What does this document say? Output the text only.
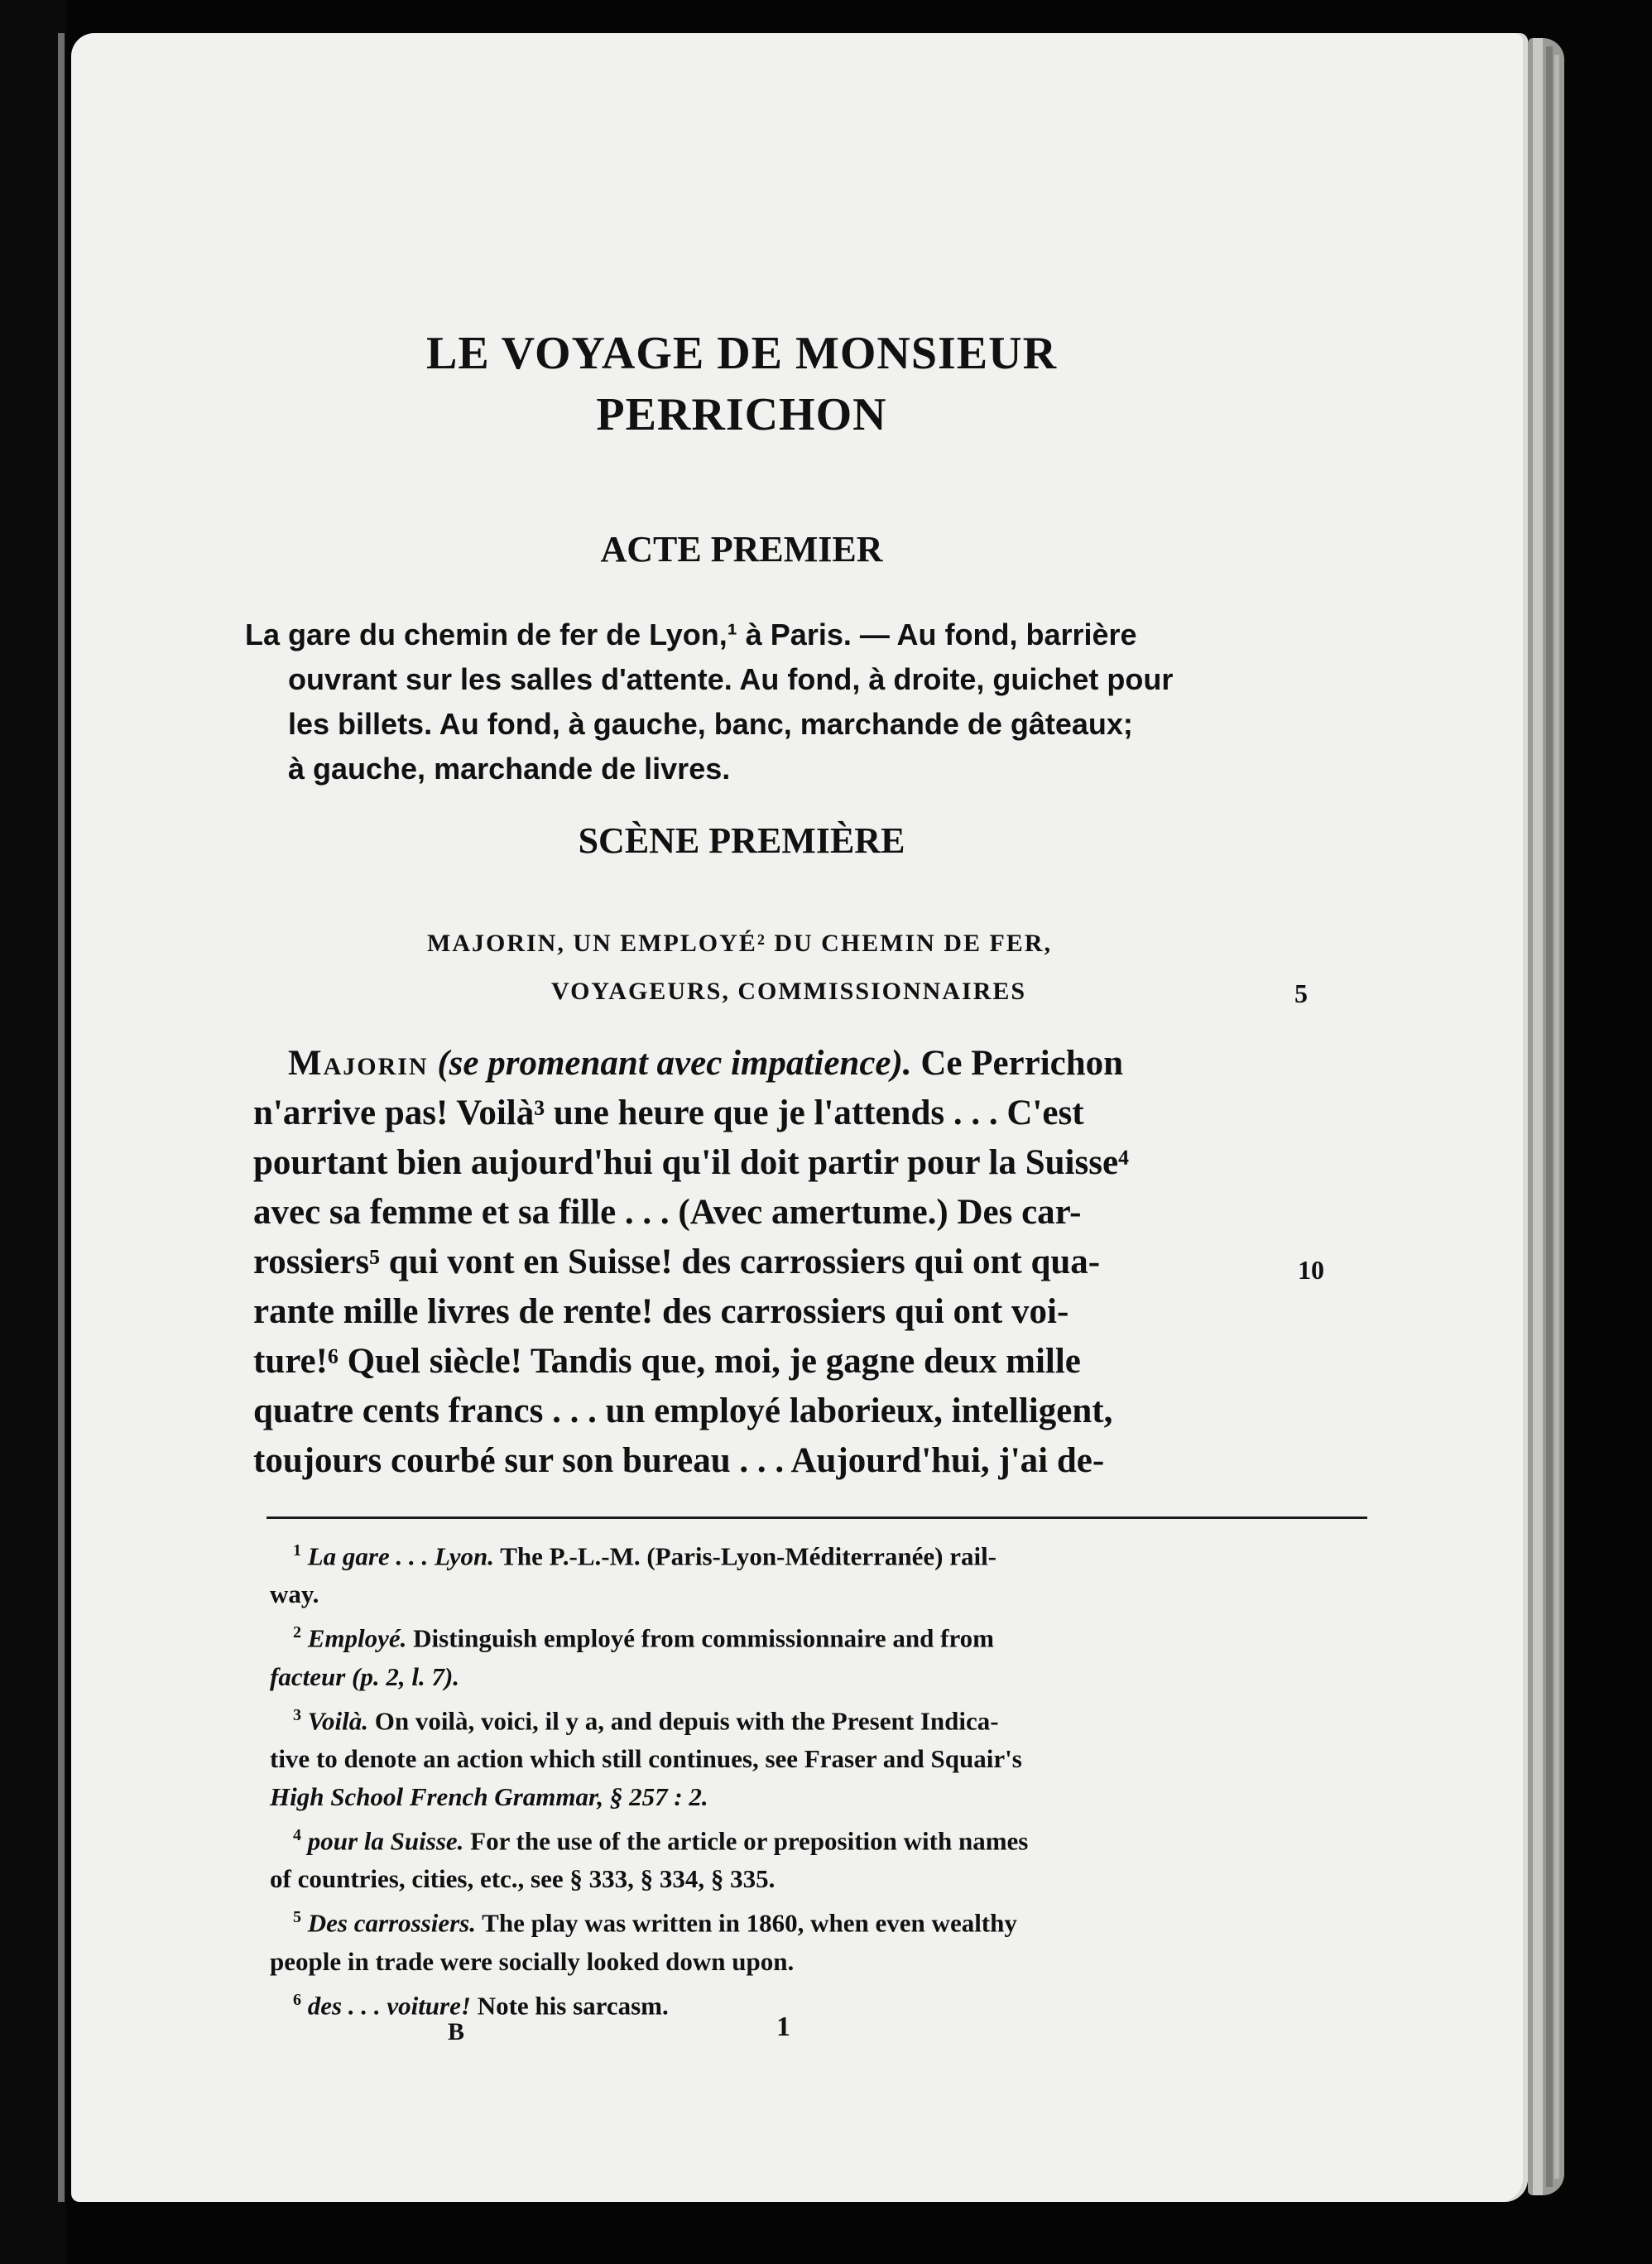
LE VOYAGE DE MONSIEUR
PERRICHON
ACTE PREMIER
La gare du chemin de fer de Lyon,¹ à Paris. — Au fond, barrière
ouvrant sur les salles d'attente. Au fond, à droite, guichet pour
les billets. Au fond, à gauche, banc, marchande de gâteaux;
à gauche, marchande de livres.
SCÈNE PREMIÈRE
MAJORIN, UN EMPLOYÉ² DU CHEMIN DE FER,
VOYAGEURS, COMMISSIONNAIRES	5
10
Majorin (se promenant avec impatience). Ce Perrichon
n'arrive pas! Voilà³ une heure que je l'attends . . . C'est
pourtant bien aujourd'hui qu'il doit partir pour la Suisse⁴
avec sa femme et sa fille . . . (Avec amertume.) Des car-
rossiers⁵ qui vont en Suisse! des carrossiers qui ont qua-
rante mille livres de rente! des carrossiers qui ont voi-
ture!⁶ Quel siècle! Tandis que, moi, je gagne deux mille
quatre cents francs . . . un employé laborieux, intelligent,
toujours courbé sur son bureau . . . Aujourd'hui, j'ai de-
$^1$ La gare . . . Lyon. The P.-L.-M. (Paris-Lyon-Méditerranée) rail-
way.
$^2$ Employé. Distinguish employé from commissionnaire and from
facteur (p. 2, l. 7).
$^3$ Voilà. On voilà, voici, il y a, and depuis with the Present Indica-
tive to denote an action which still continues, see Fraser and Squair's
High School French Grammar, § 257 : 2.
$^4$ pour la Suisse. For the use of the article or preposition with names
of countries, cities, etc., see § 333, § 334, § 335.
$^5$ Des carrossiers. The play was written in 1860, when even wealthy
people in trade were socially looked down upon.
$^6$ des . . . voiture! Note his sarcasm.
B	1
